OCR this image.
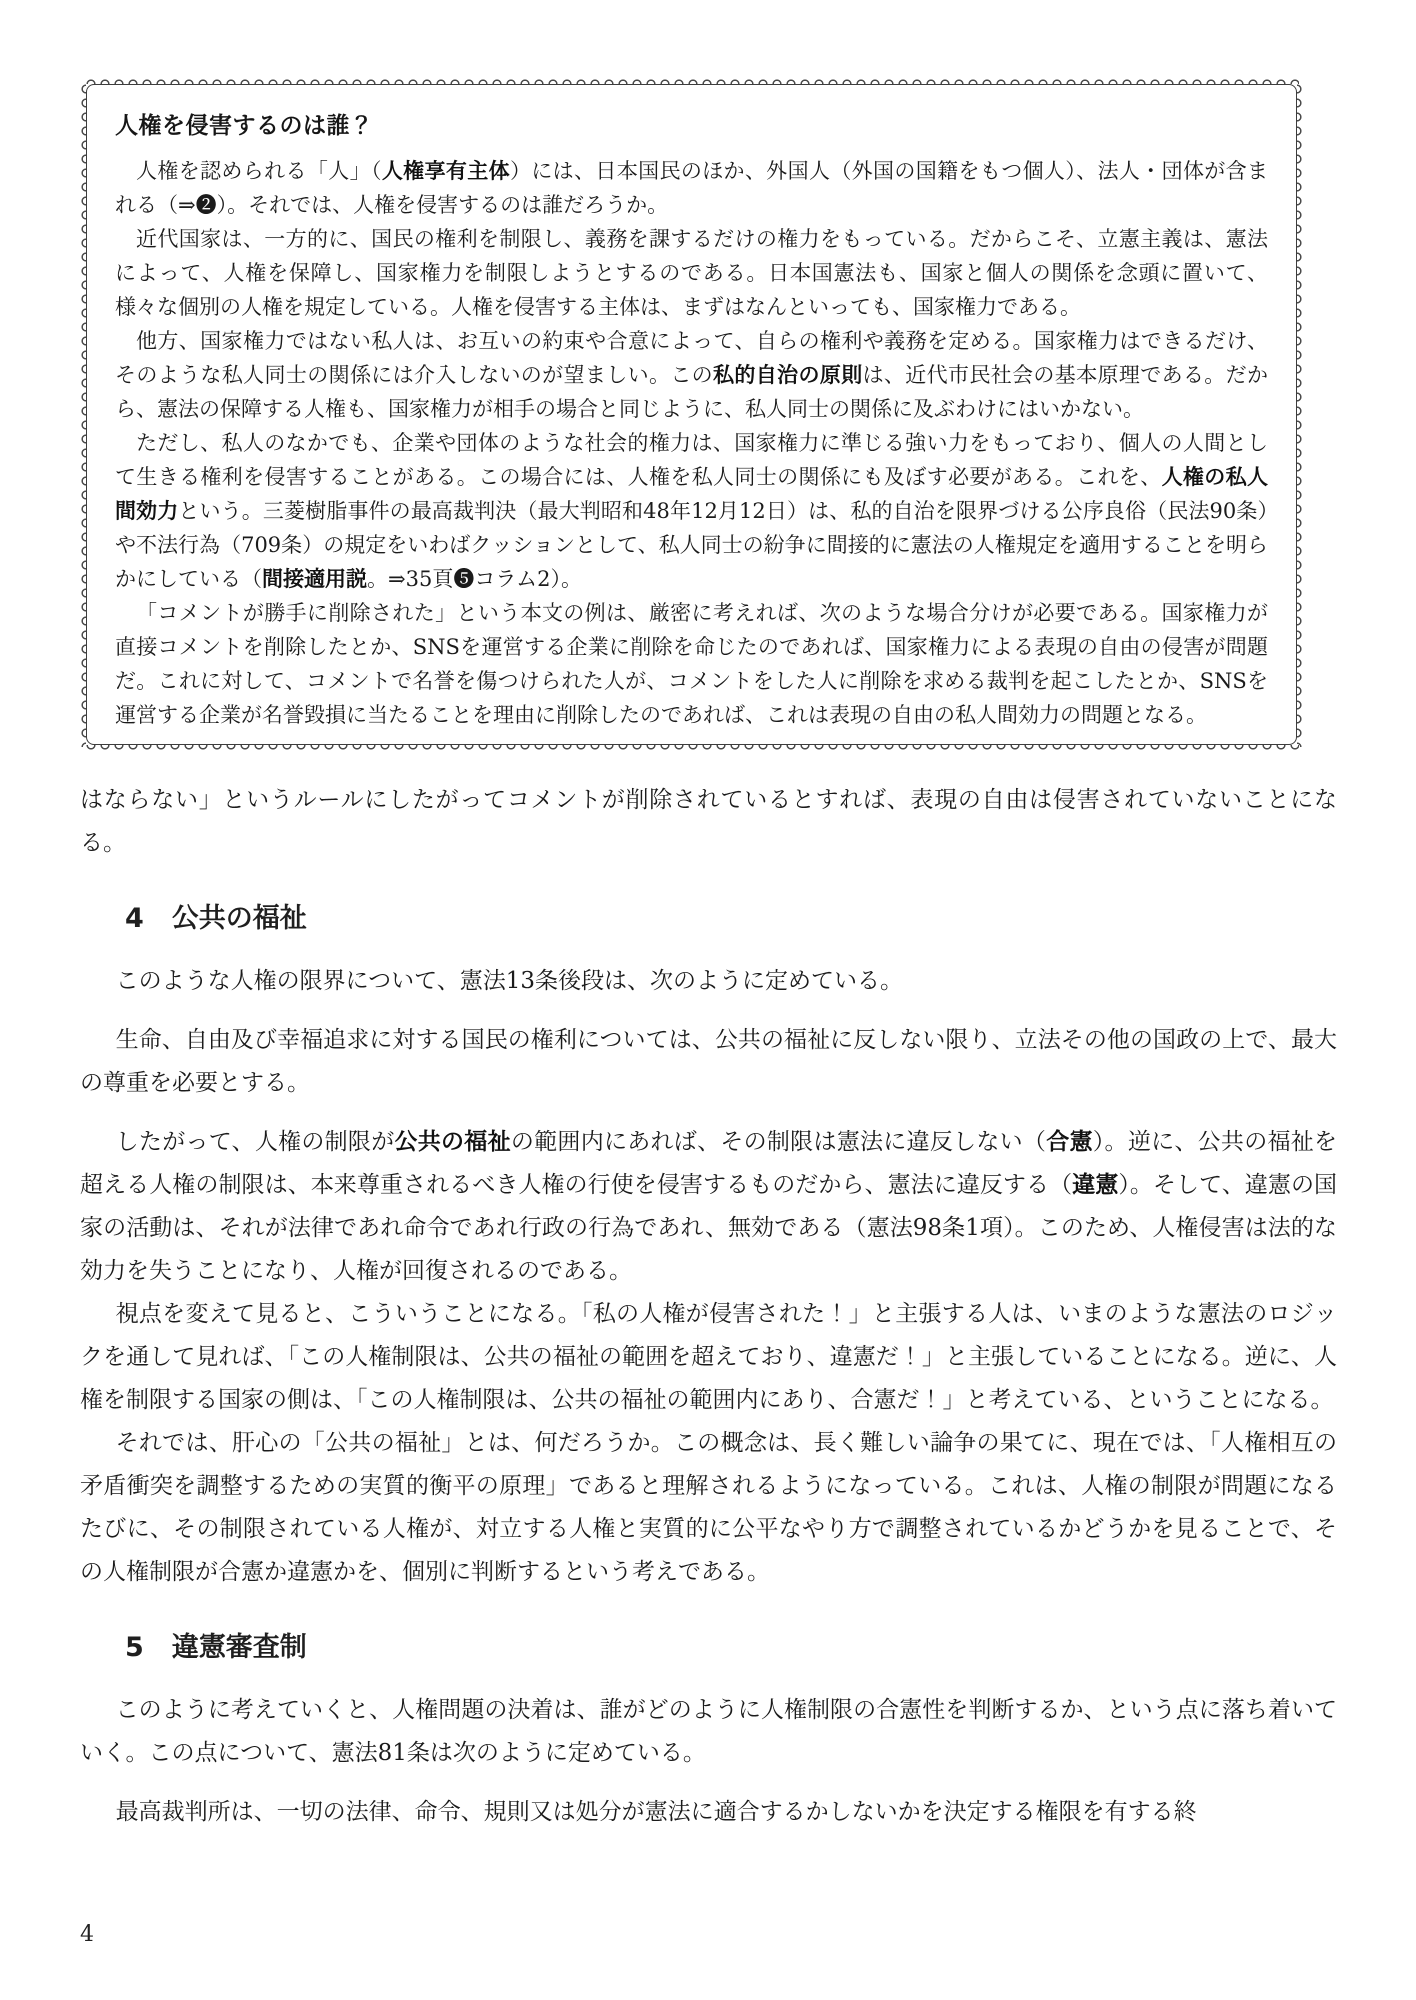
人権を侵害するのは誰？

人権を認められる「人」（人権享有主体）には、日本国民のほか、外国人（外国の国籍をもつ個人）、法人・団体が含まれる（⇒❷）。それでは、人権を侵害するのは誰だろうか。

近代国家は、一方的に、国民の権利を制限し、義務を課するだけの権力をもっている。だからこそ、立憲主義は、憲法によって、人権を保障し、国家権力を制限しようとするのである。日本国憲法も、国家と個人の関係を念頭に置いて、様々な個別の人権を規定している。人権を侵害する主体は、まずはなんといっても、国家権力である。

他方、国家権力ではない私人は、お互いの約束や合意によって、自らの権利や義務を定める。国家権力はできるだけ、そのような私人同士の関係には介入しないのが望ましい。この私的自治の原則は、近代市民社会の基本原理である。だから、憲法の保障する人権も、国家権力が相手の場合と同じように、私人同士の関係に及ぶわけにはいかない。

ただし、私人のなかでも、企業や団体のような社会的権力は、国家権力に準じる強い力をもっており、個人の人間として生きる権利を侵害することがある。この場合には、人権を私人同士の関係にも及ぼす必要がある。これを、人権の私人間効力という。三菱樹脂事件の最高裁判決（最大判昭和48年12月12日）は、私的自治を限界づける公序良俗（民法90条）や不法行為（709条）の規定をいわばクッションとして、私人同士の紛争に間接的に憲法の人権規定を適用することを明らかにしている（間接適用説。⇒35頁❺コラム2）。

「コメントが勝手に削除された」という本文の例は、厳密に考えれば、次のような場合分けが必要である。国家権力が直接コメントを削除したとか、SNSを運営する企業に削除を命じたのであれば、国家権力による表現の自由の侵害が問題だ。これに対して、コメントで名誉を傷つけられた人が、コメントをした人に削除を求める裁判を起こしたとか、SNSを運営する企業が名誉毀損に当たることを理由に削除したのであれば、これは表現の自由の私人間効力の問題となる。

はならない」というルールにしたがってコメントが削除されているとすれば、表現の自由は侵害されていないことになる。

4 公共の福祉

このような人権の限界について、憲法13条後段は、次のように定めている。

生命、自由及び幸福追求に対する国民の権利については、公共の福祉に反しない限り、立法その他の国政の上で、最大の尊重を必要とする。

したがって、人権の制限が公共の福祉の範囲内にあれば、その制限は憲法に違反しない（合憲）。逆に、公共の福祉を超える人権の制限は、本来尊重されるべき人権の行使を侵害するものだから、憲法に違反する（違憲）。そして、違憲の国家の活動は、それが法律であれ命令であれ行政の行為であれ、無効である（憲法98条1項）。このため、人権侵害は法的な効力を失うことになり、人権が回復されるのである。

視点を変えて見ると、こういうことになる。「私の人権が侵害された！」と主張する人は、いまのような憲法のロジックを通して見れば、「この人権制限は、公共の福祉の範囲を超えており、違憲だ！」と主張していることになる。逆に、人権を制限する国家の側は、「この人権制限は、公共の福祉の範囲内にあり、合憲だ！」と考えている、ということになる。

それでは、肝心の「公共の福祉」とは、何だろうか。この概念は、長く難しい論争の果てに、現在では、「人権相互の矛盾衝突を調整するための実質的衡平の原理」であると理解されるようになっている。これは、人権の制限が問題になるたびに、その制限されている人権が、対立する人権と実質的に公平なやり方で調整されているかどうかを見ることで、その人権制限が合憲か違憲かを、個別に判断するという考えである。

5 違憲審査制

このように考えていくと、人権問題の決着は、誰がどのように人権制限の合憲性を判断するか、という点に落ち着いていく。この点について、憲法81条は次のように定めている。

最高裁判所は、一切の法律、命令、規則又は処分が憲法に適合するかしないかを決定する権限を有する終

4
